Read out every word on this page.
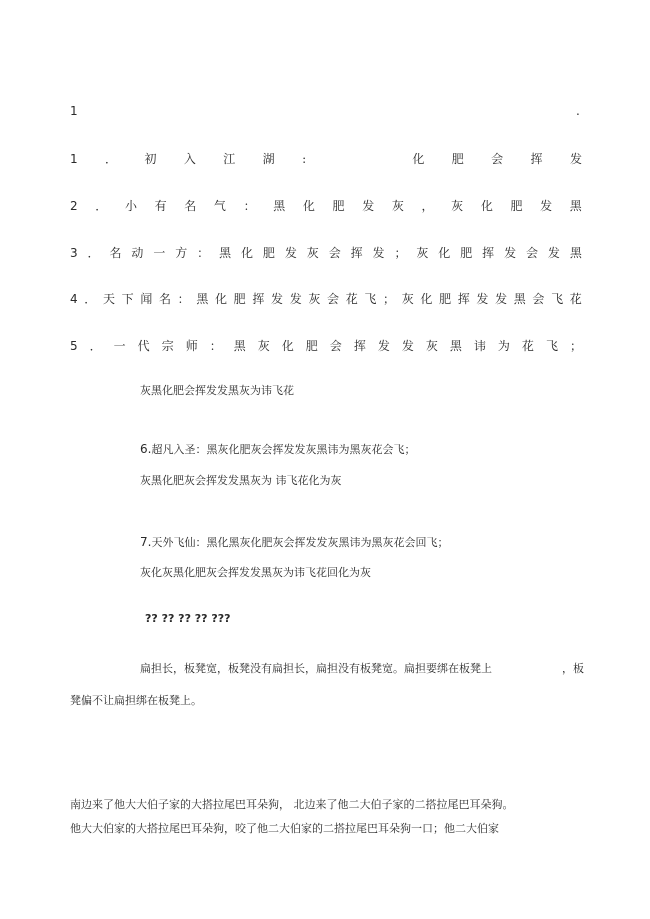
1	.
1 ． 初 入 江 湖 :

　	化 肥 会 挥 发
2 ． 小 有 名 气 ： 黑 化 肥 发 灰 ， 灰 化 肥 发 黑
3 ． 名 动 一 方 ： 黑 化 肥 发 灰 会 挥 发 ； 灰 化 肥 挥 发 会 发 黑
4 ． 天 下 闻 名 ： 黑 化 肥 挥 发 发 灰 会 花 飞 ； 灰 化 肥 挥 发 发 黑 会 飞 花
5 ． 一 代 宗 师 ： 黑 灰 化 肥 会 挥 发 发 灰 黑 讳 为 花 飞 ；
灰黑化肥会挥发发黑灰为讳飞花
6.超凡入圣：黑灰化肥灰会挥发发灰黑讳为黑灰花会飞；
灰黑化肥灰会挥发发黑灰为 讳飞花化为灰
7.天外飞仙：黑化黑灰化肥灰会挥发发灰黑讳为黑灰花会回飞；
灰化灰黑化肥灰会挥发发黑灰为讳飞花回化为灰
?? ?? ?? ?? ???
扁担长，板凳宽，板凳没有扁担长，扁担没有板凳宽。扁担要绑在板凳上	，板
凳偏不让扁担绑在板凳上。
南边来了他大大伯子家的大搭拉尾巴耳朵狗， 北边来了他二大伯子家的二搭拉尾巴耳朵狗。
他大大伯家的大搭拉尾巴耳朵狗，咬了他二大伯家的二搭拉尾巴耳朵狗一口；他二大伯家
